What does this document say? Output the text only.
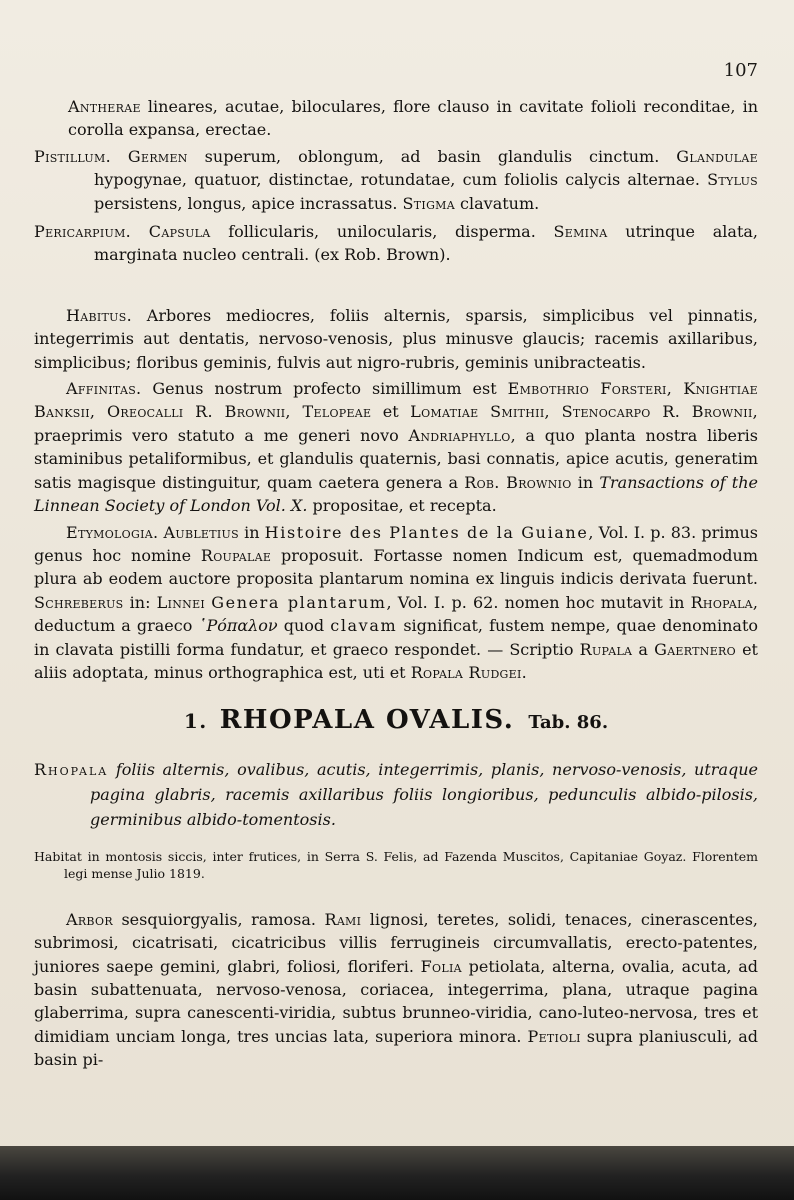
107

Antherae lineares, acutae, biloculares, flore clauso in cavitate folioli reconditae, in corolla expansa, erectae.

Pistillum. Germen superum, oblongum, ad basin glandulis cinctum. Glandulae hypogynae, quatuor, distinctae, rotundatae, cum foliolis calycis alternae. Stylus persistens, longus, apice incrassatus. Stigma clavatum.

Pericarpium. Capsula follicularis, unilocularis, disperma. Semina utrinque alata, marginata nucleo centrali. (ex Rob. Brown).

Habitus. Arbores mediocres, foliis alternis, sparsis, simplicibus vel pinnatis, integerrimis aut dentatis, nervoso-venosis, plus minusve glaucis; racemis axillaribus, simplicibus; floribus geminis, fulvis aut nigro-rubris, geminis unibracteatis.

Affinitas. Genus nostrum profecto simillimum est Embothrio Forsteri, Knightiae Banksii, Oreocalli R. Brownii, Telopeae et Lomatiae Smithii, Stenocarpo R. Brownii, praeprimis vero statuto a me generi novo Andriaphyllo, a quo planta nostra liberis staminibus petaliformibus, et glandulis quaternis, basi connatis, apice acutis, generatim satis magisque distinguitur, quam caetera genera a Rob. Brownio in Transactions of the Linnean Society of London Vol. X. propositae, et recepta.

Etymologia. Aubletius in Histoire des Plantes de la Guiane, Vol. I. p. 83. primus genus hoc nomine Roupalae proposuit. Fortasse nomen Indicum est, quemadmodum plura ab eodem auctore proposita plantarum nomina ex linguis indicis derivata fuerunt. Schreberus in: Linnei Genera plantarum, Vol. I. p. 62. nomen hoc mutavit in Rhopala, deductum a graeco ῾Ρόπαλον quod clavam significat, fustem nempe, quae denominato in clavata pistilli forma fundatur, et graeco respondet. — Scriptio Rupala a Gaertnero et aliis adoptata, minus orthographica est, uti et Ropala Rudgei.

1. RHOPALA OVALIS. Tab. 86.

Rhopala foliis alternis, ovalibus, acutis, integerrimis, planis, nervoso-venosis, utraque pagina glabris, racemis axillaribus foliis longioribus, pedunculis albido-pilosis, germinibus albido-tomentosis.

Habitat in montosis siccis, inter frutices, in Serra S. Felis, ad Fazenda Muscitos, Capitaniae Goyaz. Florentem legi mense Julio 1819.

Arbor sesquiorgyalis, ramosa. Rami lignosi, teretes, solidi, tenaces, cinerascentes, subrimosi, cicatrisati, cicatricibus villis ferrugineis circumvallatis, erecto-patentes, juniores saepe gemini, glabri, foliosi, floriferi. Folia petiolata, alterna, ovalia, acuta, ad basin subattenuata, nervoso-venosa, coriacea, integerrima, plana, utraque pagina glaberrima, supra canescenti-viridia, subtus brunneo-viridia, cano-luteo-nervosa, tres et dimidiam unciam longa, tres uncias lata, superiora minora. Petioli supra planiusculi, ad basin pi-
